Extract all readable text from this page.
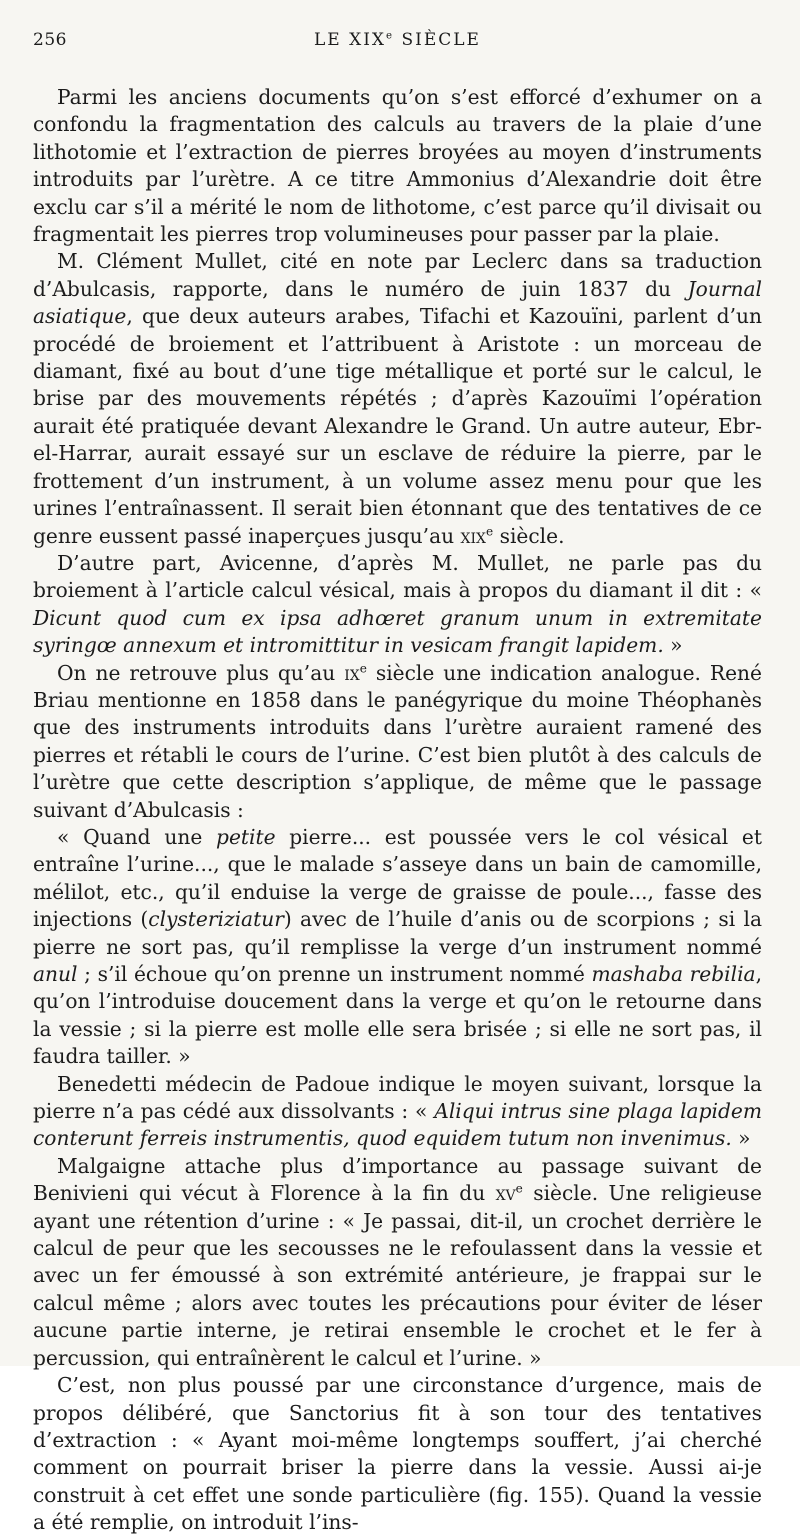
256	LE XIXe SIÈCLE

Parmi les anciens documents qu’on s’est efforcé d’exhumer on a confondu la fragmentation des calculs au travers de la plaie d’une lithotomie et l’extraction de pierres broyées au moyen d’instruments introduits par l’urètre. A ce titre Ammonius d’Alexandrie doit être exclu car s’il a mérité le nom de lithotome, c’est parce qu’il divisait ou fragmentait les pierres trop volumineuses pour passer par la plaie.

M. Clément Mullet, cité en note par Leclerc dans sa traduction d’Abulcasis, rapporte, dans le numéro de juin 1837 du Journal asiatique, que deux auteurs arabes, Tifachi et Kazouïni, parlent d’un procédé de broiement et l’attribuent à Aristote : un morceau de diamant, fixé au bout d’une tige métallique et porté sur le calcul, le brise par des mouvements répétés ; d’après Kazouïmi l’opération aurait été pratiquée devant Alexandre le Grand. Un autre auteur, Ebr-el-Harrar, aurait essayé sur un esclave de réduire la pierre, par le frottement d’un instrument, à un volume assez menu pour que les urines l’entraînassent. Il serait bien étonnant que des tentatives de ce genre eussent passé inaperçues jusqu’au xix$^e$ siècle.

D’autre part, Avicenne, d’après M. Mullet, ne parle pas du broiement à l’article calcul vésical, mais à propos du diamant il dit : « Dicunt quod cum ex ipsa adhœret granum unum in extremitate syringœ annexum et intromittitur in vesicam frangit lapidem. »

On ne retrouve plus qu’au $ix^e$ siècle une indication analogue. René Briau mentionne en 1858 dans le panégyrique du moine Théophanès que des instruments introduits dans l’urètre auraient ramené des pierres et rétabli le cours de l’urine. C’est bien plutôt à des calculs de l’urètre que cette description s’applique, de même que le passage suivant d’Abulcasis :

« Quand une petite pierre... est poussée vers le col vésical et entraîne l’urine..., que le malade s’asseye dans un bain de camomille, mélilot, etc., qu’il enduise la verge de graisse de poule..., fasse des injections (clysteriziatur) avec de l’huile d’anis ou de scorpions ; si la pierre ne sort pas, qu’il remplisse la verge d’un instrument nommé anul ; s’il échoue qu’on prenne un instrument nommé mashaba rebilia, qu’on l’introduise doucement dans la verge et qu’on le retourne dans la vessie ; si la pierre est molle elle sera brisée ; si elle ne sort pas, il faudra tailler. »

Benedetti médecin de Padoue indique le moyen suivant, lorsque la pierre n’a pas cédé aux dissolvants : « Aliqui intrus sine plaga lapidem conterunt ferreis instrumentis, quod equidem tutum non invenimus. »

Malgaigne attache plus d’importance au passage suivant de Benivieni qui vécut à Florence à la fin du $xv^e$ siècle. Une religieuse ayant une rétention d’urine : « Je passai, dit-il, un crochet derrière le calcul de peur que les secousses ne le refoulassent dans la vessie et avec un fer émoussé à son extrémité antérieure, je frappai sur le calcul même ; alors avec toutes les précautions pour éviter de léser aucune partie interne, je retirai ensemble le crochet et le fer à percussion, qui entraînèrent le calcul et l’urine. »

C’est, non plus poussé par une circonstance d’urgence, mais de propos délibéré, que Sanctorius fit à son tour des tentatives d’extraction : « Ayant moi-même longtemps souffert, j’ai cherché comment on pourrait briser la pierre dans la vessie. Aussi ai-je construit à cet effet une sonde particulière (fig. 155). Quand la vessie a été remplie, on introduit l’ins-
